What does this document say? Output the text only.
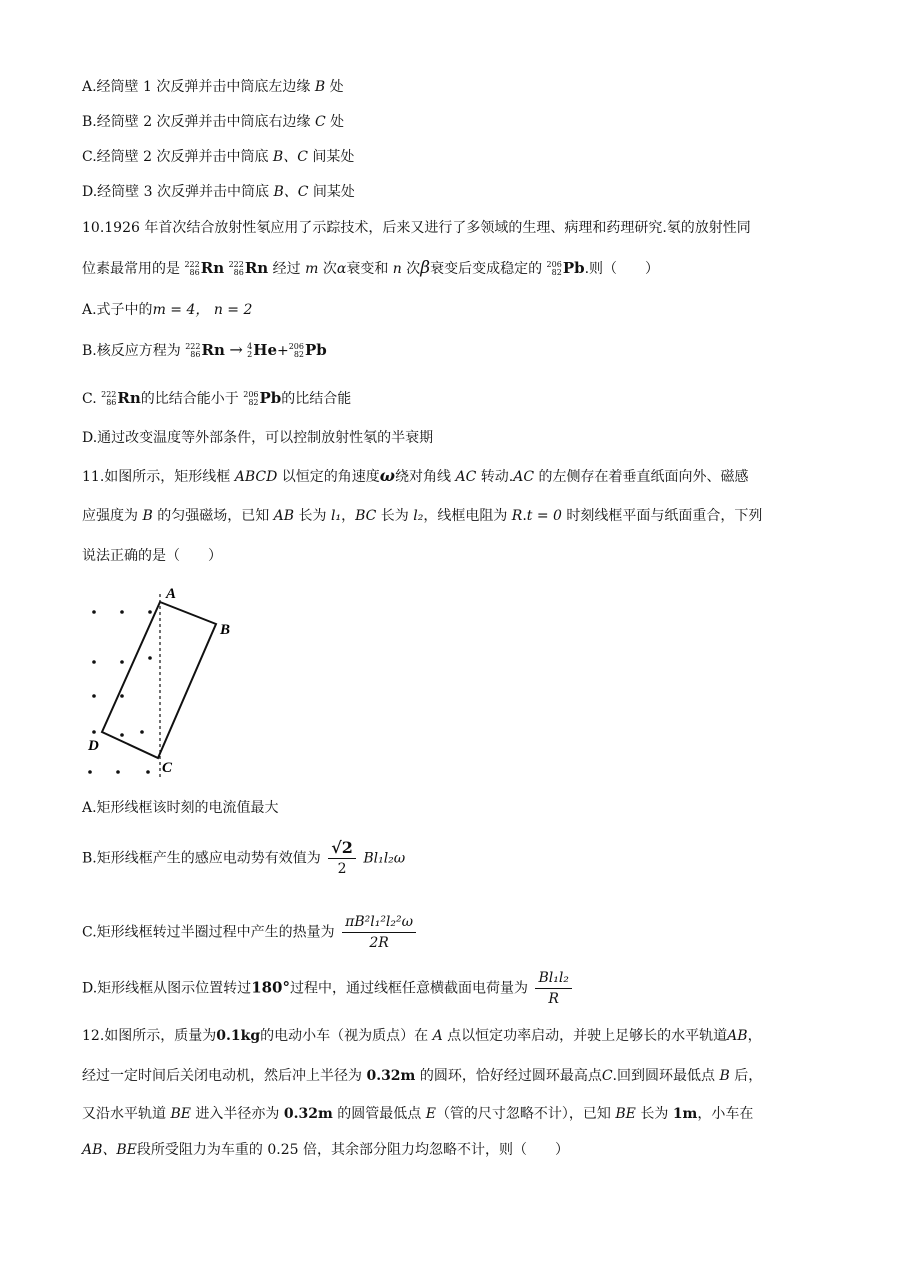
A.经筒壁 1 次反弹并击中筒底左边缘 B 处
B.经筒壁 2 次反弹并击中筒底右边缘 C 处
C.经筒壁 2 次反弹并击中筒底 B、C 间某处
D.经筒壁 3 次反弹并击中筒底 B、C 间某处
10.1926 年首次结合放射性氡应用了示踪技术，后来又进行了多领域的生理、病理和药理研究.氡的放射性同
位素最常用的是 222
86 Rn 222
86 Rn 经过 m 次α衰变和 n 次β衰变后变成稳定的 206
82 Pb.则（　　）
A.式子中的m = 4， n = 2
B.核反应方程为 222
86 Rn → 4
2 He+ 206
82 Pb
C. 222
86 Rn的比结合能小于 206
82 Pb的比结合能
D.通过改变温度等外部条件，可以控制放射性氡的半衰期
11.如图所示，矩形线框 ABCD 以恒定的角速度ω绕对角线 AC 转动.AC 的左侧存在着垂直纸面向外、磁感
应强度为 B 的匀强磁场，已知 AB 长为 l₁，BC 长为 l₂，线框电阻为 R.t = 0 时刻线框平面与纸面重合，下列
说法正确的是（　　）
A
B
C
D
A.矩形线框该时刻的电流值最大
B.矩形线框产生的感应电动势有效值为 $\frac{√2}{2} Bl_1l_2\omega$
C.矩形线框转过半圈过程中产生的热量为 $\frac{\text{πB²l₁²l₂²ω}}{2R}$
D.矩形线框从图示位置转过180°过程中，通过线框任意横截面电荷量为 $\frac{\text{Bl₁l₂}}{R}$
12.如图所示，质量为0.1kg的电动小车（视为质点）在 A 点以恒定功率启动，并驶上足够长的水平轨道AB，
经过一定时间后关闭电动机，然后冲上半径为 0.32m 的圆环，恰好经过圆环最高点C.回到圆环最低点 B 后，
又沿水平轨道 BE 进入半径亦为 0.32m 的圆管最低点 E（管的尺寸忽略不计），已知 BE 长为 1m，小车在
AB、BE段所受阻力为车重的 0.25 倍，其余部分阻力均忽略不计，则（　　）
